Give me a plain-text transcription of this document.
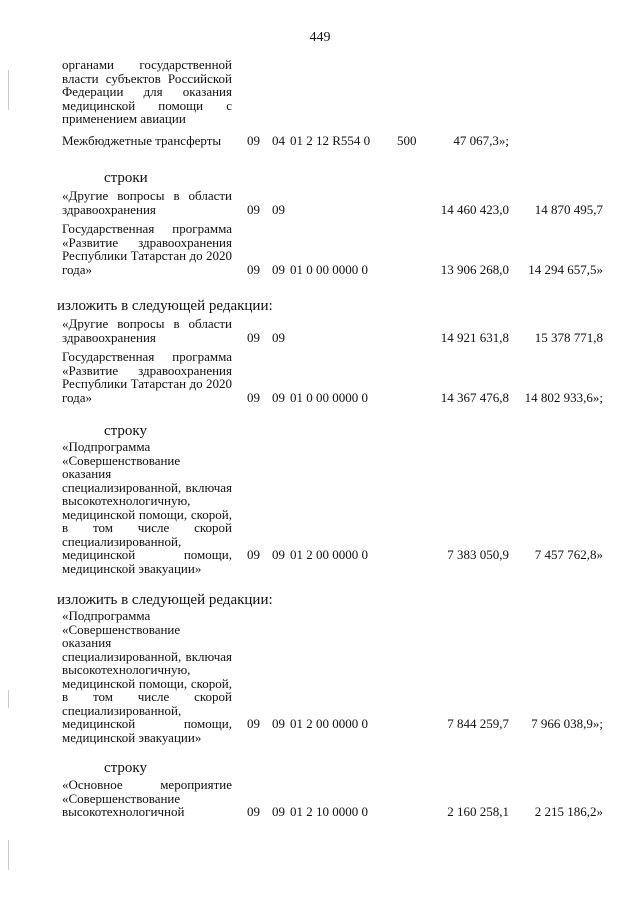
449
органами государственной
власти субъектов Российской
Федерации для оказания
медицинской помощи с
применением авиации
Межбюджетные трансферты	09 04 01 2 12 R554 0 500	47 067,3»;
строки
«Другие вопросы в области
здравоохранения	09 09	14 460 423,0 14 870 495,7
Государственная программа
«Развитие здравоохранения
Республики Татарстан до 2020
года»	09 09 01 0 00 0000 0	13 906 268,0 14 294 657,5»
изложить в следующей редакции:
«Другие вопросы в области
здравоохранения	09 09	14 921 631,8 15 378 771,8
Государственная программа
«Развитие здравоохранения
Республики Татарстан до 2020
года»	09 09 01 0 00 0000 0	14 367 476,8 14 802 933,6»;
строку
«Подпрограмма
«Совершенствование оказания
специализированной, включая
высокотехнологичную,
медицинской помощи, скорой,
в том числе скорой
специализированной,
медицинской помощи,
медицинской эвакуации»
09 09 01 2 00 0000 0	7 383 050,9 7 457 762,8»
изложить в следующей редакции:
«Подпрограмма
«Совершенствование оказания
специализированной, включая
высокотехнологичную,
медицинской помощи, скорой,
в том числе скорой
специализированной,
медицинской помощи,
медицинской эвакуации»
09 09 01 2 00 0000 0	7 844 259,7 7 966 038,9»;
строку
«Основное мероприятие
«Совершенствование
высокотехнологичной	09 09 01 2 10 0000 0	2 160 258,1 2 215 186,2»
